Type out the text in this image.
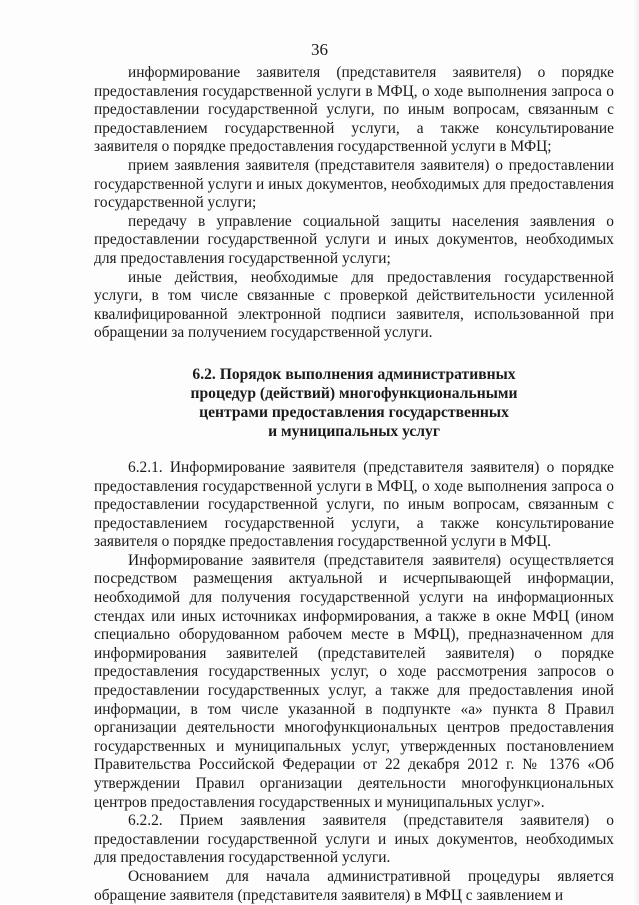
36

информирование заявителя (представителя заявителя) о порядке предоставления государственной услуги в МФЦ, о ходе выполнения запроса о предоставлении государственной услуги, по иным вопросам, связанным с предоставлением государственной услуги, а также консультирование заявителя о порядке предоставления государственной услуги в МФЦ;

прием заявления заявителя (представителя заявителя) о предоставлении государственной услуги и иных документов, необходимых для предоставления государственной услуги;

передачу в управление социальной защиты населения заявления о предоставлении государственной услуги и иных документов, необходимых для предоставления государственной услуги;

иные действия, необходимые для предоставления государственной услуги, в том числе связанные с проверкой действительности усиленной квалифицированной электронной подписи заявителя, использованной при обращении за получением государственной услуги.

6.2. Порядок выполнения административных

процедур (действий) многофункциональными

центрами предоставления государственных

и муниципальных услуг

6.2.1. Информирование заявителя (представителя заявителя) о порядке предоставления государственной услуги в МФЦ, о ходе выполнения запроса о предоставлении государственной услуги, по иным вопросам, связанным с предоставлением государственной услуги, а также консультирование заявителя о порядке предоставления государственной услуги в МФЦ.

Информирование заявителя (представителя заявителя) осуществляется посредством размещения актуальной и исчерпывающей информации, необходимой для получения государственной услуги на информационных стендах или иных источниках информирования, а также в окне МФЦ (ином специально оборудованном рабочем месте в МФЦ), предназначенном для информирования заявителей (представителей заявителя) о порядке предоставления государственных услуг, о ходе рассмотрения запросов о предоставлении государственных услуг, а также для предоставления иной информации, в том числе указанной в подпункте «а» пункта 8 Правил организации деятельности многофункциональных центров предоставления государственных и муниципальных услуг, утвержденных постановлением Правительства Российской Федерации от 22 декабря 2012 г. № 1376 «Об утверждении Правил организации деятельности многофункциональных центров предоставления государственных и муниципальных услуг».

6.2.2. Прием заявления заявителя (представителя заявителя) о предоставлении государственной услуги и иных документов, необходимых для предоставления государственной услуги.

Основанием для начала административной процедуры является обращение заявителя (представителя заявителя) в МФЦ с заявлением и
